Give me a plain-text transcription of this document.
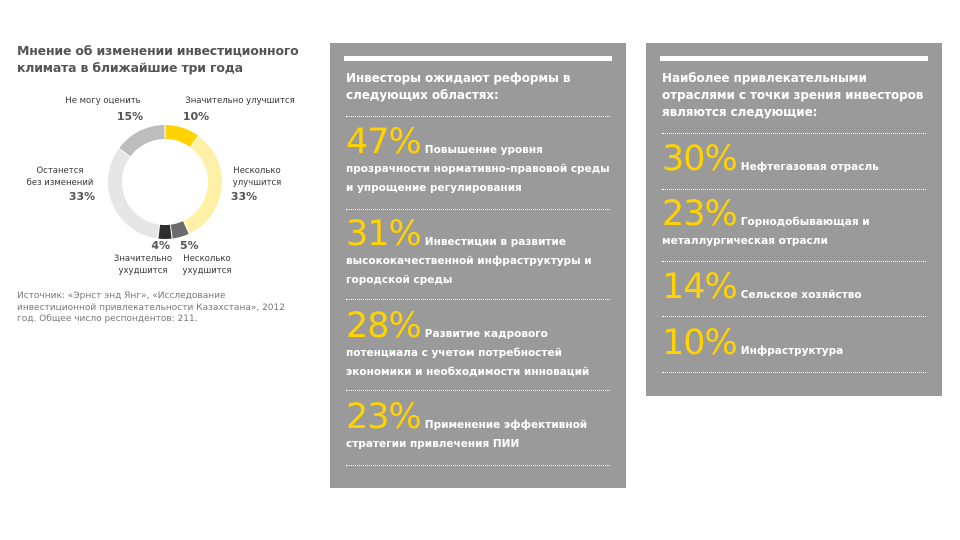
Мнение об изменении инвестиционного климата в ближайшие три года
Не могу оценить
15%
Значительно улучшится
10%
Несколько
улучшится
33%
Останется
без изменений
33%
4%
Значительно
ухудшится
5%
Несколько
ухудшится
Источник: «Эрнст энд Янг», «Исследование инвестиционной привлекательности Казахстана», 2012 год. Общее число респондентов: 211.
Инвесторы ожидают реформы в следующих областях:
47% Повышение уровня прозрачности нормативно-правовой среды и упрощение регулирования
31% Инвестиции в развитие высококачественной инфраструктуры и городской среды
28% Развитие кадрового потенциала с учетом потребностей экономики и необходимости инноваций
23% Применение эффективной стратегии привлечения ПИИ
Наиболее привлекательными отраслями с точки зрения инвесторов являются следующие:
30% Нефтегазовая отрасль
23% Горнодобывающая и металлургическая отрасли
14% Сельское хозяйство
10% Инфраструктура
